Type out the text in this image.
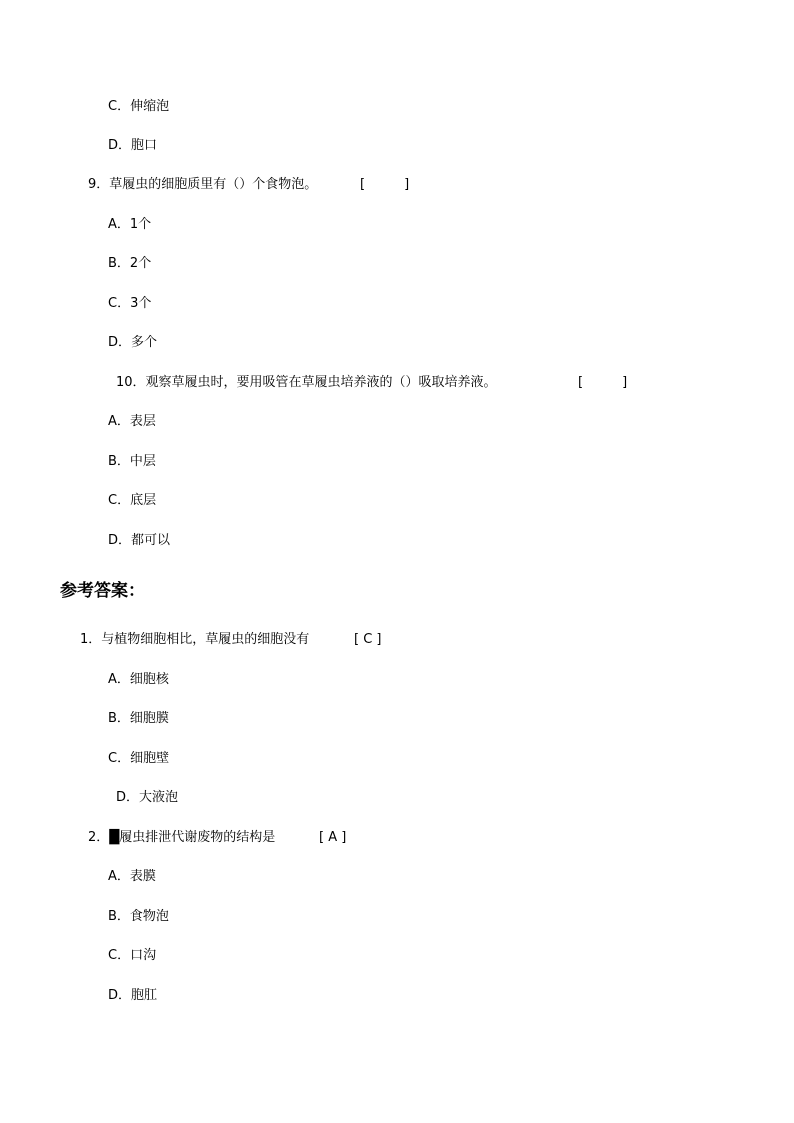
C．伸缩泡
D．胞口
9．草履虫的细胞质里有（）个食物泡。	[　　　]
A．1个
B．2个
C．3个
D．多个
10．观察草履虫时，要用吸管在草履虫培养液的（）吸取培养液。	[　　　]
A．表层
B．中层
C．底层
D．都可以
参考答案：
1．与植物细胞相比，草履虫的细胞没有	[ C ]
A．细胞核
B．细胞膜
C．细胞壁
D．大液泡
2．█履虫排泄代谢废物的结构是	[ A ]
A．表膜
B．食物泡
C．口沟
D．胞肛
